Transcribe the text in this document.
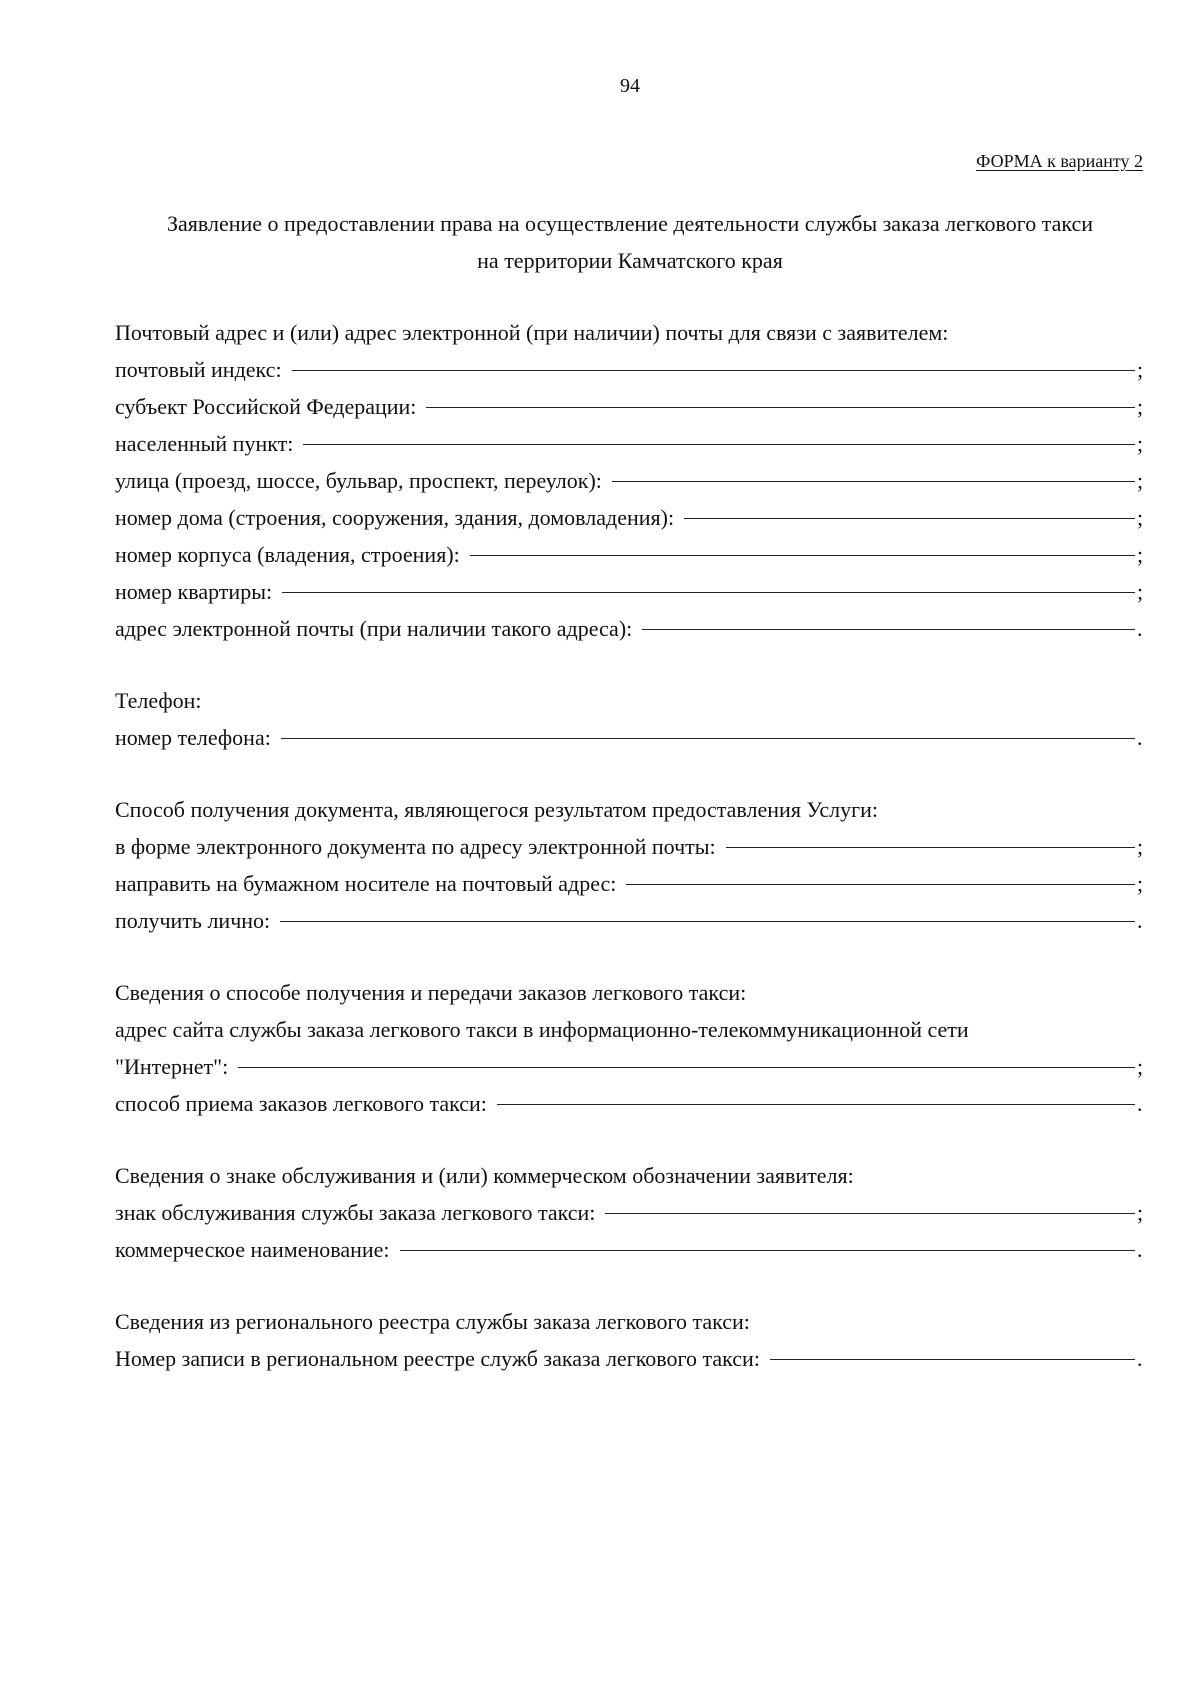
94
ФОРМА к варианту 2
Заявление о предоставлении права на осуществление деятельности службы заказа легкового такси
на территории Камчатского края
Почтовый адрес и (или) адрес электронной (при наличии) почты для связи с заявителем:
почтовый индекс:	;
субъект Российской Федерации:	;
населенный пункт:	;
улица (проезд, шоссе, бульвар, проспект, переулок):	;
номер дома (строения, сооружения, здания, домовладения):	;
номер корпуса (владения, строения):	;
номер квартиры:	;
адрес электронной почты (при наличии такого адреса):	.
Телефон:
номер телефона:	.
Способ получения документа, являющегося результатом предоставления Услуги:
в форме электронного документа по адресу электронной почты:	;
направить на бумажном носителе на почтовый адрес:	;
получить лично:	.
Сведения о способе получения и передачи заказов легкового такси:
адрес сайта службы заказа легкового такси в информационно-телекоммуникационной сети
"Интернет":	;
способ приема заказов легкового такси:	.
Сведения о знаке обслуживания и (или) коммерческом обозначении заявителя:
знак обслуживания службы заказа легкового такси:	;
коммерческое наименование:	.
Сведения из регионального реестра службы заказа легкового такси:
Номер записи в региональном реестре служб заказа легкового такси:	.
